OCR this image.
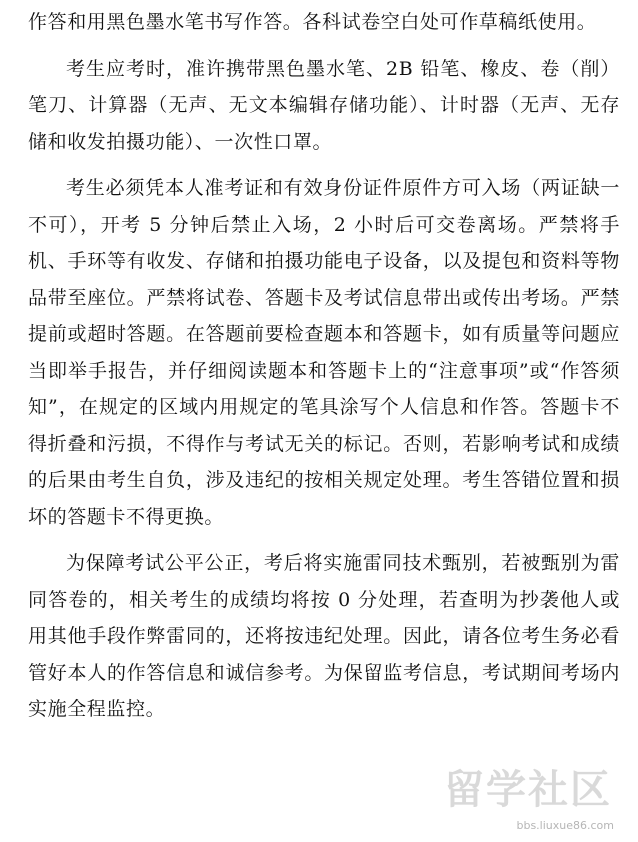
作答和用黑色墨水笔书写作答。各科试卷空白处可作草稿纸使用。

考生应考时，准许携带黑色墨水笔、2B 铅笔、橡皮、卷（削）笔刀、计算器（无声、无文本编辑存储功能）、计时器（无声、无存储和收发拍摄功能）、一次性口罩。

考生必须凭本人准考证和有效身份证件原件方可入场（两证缺一不可），开考 5 分钟后禁止入场，2 小时后可交卷离场。严禁将手机、手环等有收发、存储和拍摄功能电子设备，以及提包和资料等物品带至座位。严禁将试卷、答题卡及考试信息带出或传出考场。严禁提前或超时答题。在答题前要检查题本和答题卡，如有质量等问题应当即举手报告，并仔细阅读题本和答题卡上的“注意事项”或“作答须知”，在规定的区域内用规定的笔具涂写个人信息和作答。答题卡不得折叠和污损，不得作与考试无关的标记。否则，若影响考试和成绩的后果由考生自负，涉及违纪的按相关规定处理。考生答错位置和损坏的答题卡不得更换。

为保障考试公平公正，考后将实施雷同技术甄别，若被甄别为雷同答卷的，相关考生的成绩均将按 0 分处理，若查明为抄袭他人或用其他手段作弊雷同的，还将按违纪处理。因此，请各位考生务必看管好本人的作答信息和诚信参考。为保留监考信息，考试期间考场内实施全程监控。

留学社区
bbs.liuxue86.com
